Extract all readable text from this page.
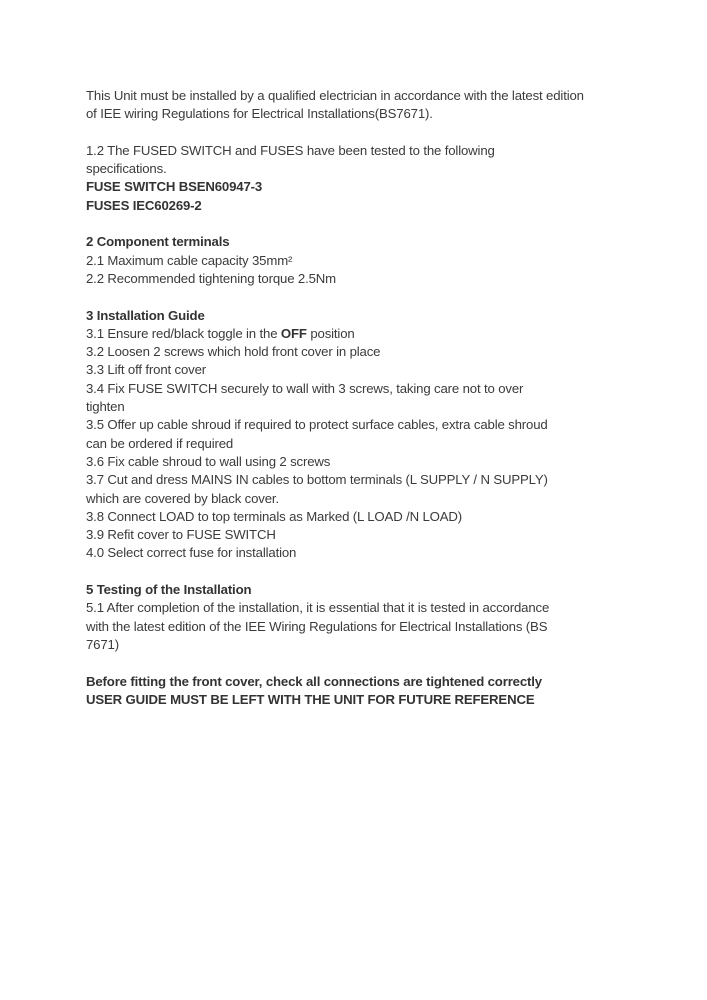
This Unit must be installed by a qualified electrician in accordance with the latest edition
of IEE wiring Regulations for Electrical Installations(BS7671).
1.2 The FUSED SWITCH and FUSES have been tested to the following
specifications.
FUSE SWITCH BSEN60947-3
FUSES IEC60269-2
2 Component terminals
2.1 Maximum cable capacity 35mm²
2.2 Recommended tightening torque 2.5Nm
3 Installation Guide
3.1 Ensure red/black toggle in the OFF position
3.2 Loosen 2 screws which hold front cover in place
3.3 Lift off front cover
3.4 Fix FUSE SWITCH securely to wall with 3 screws, taking care not to over
tighten
3.5 Offer up cable shroud if required to protect surface cables, extra cable shroud
can be ordered if required
3.6 Fix cable shroud to wall using 2 screws
3.7 Cut and dress MAINS IN cables to bottom terminals (L SUPPLY / N SUPPLY)
which are covered by black cover.
3.8 Connect LOAD to top terminals as Marked (L LOAD /N LOAD)
3.9 Refit cover to FUSE SWITCH
4.0 Select correct fuse for installation
5 Testing of the Installation
5.1 After completion of the installation, it is essential that it is tested in accordance
with the latest edition of the IEE Wiring Regulations for Electrical Installations (BS
7671)
Before fitting the front cover, check all connections are tightened correctly
USER GUIDE MUST BE LEFT WITH THE UNIT FOR FUTURE REFERENCE
